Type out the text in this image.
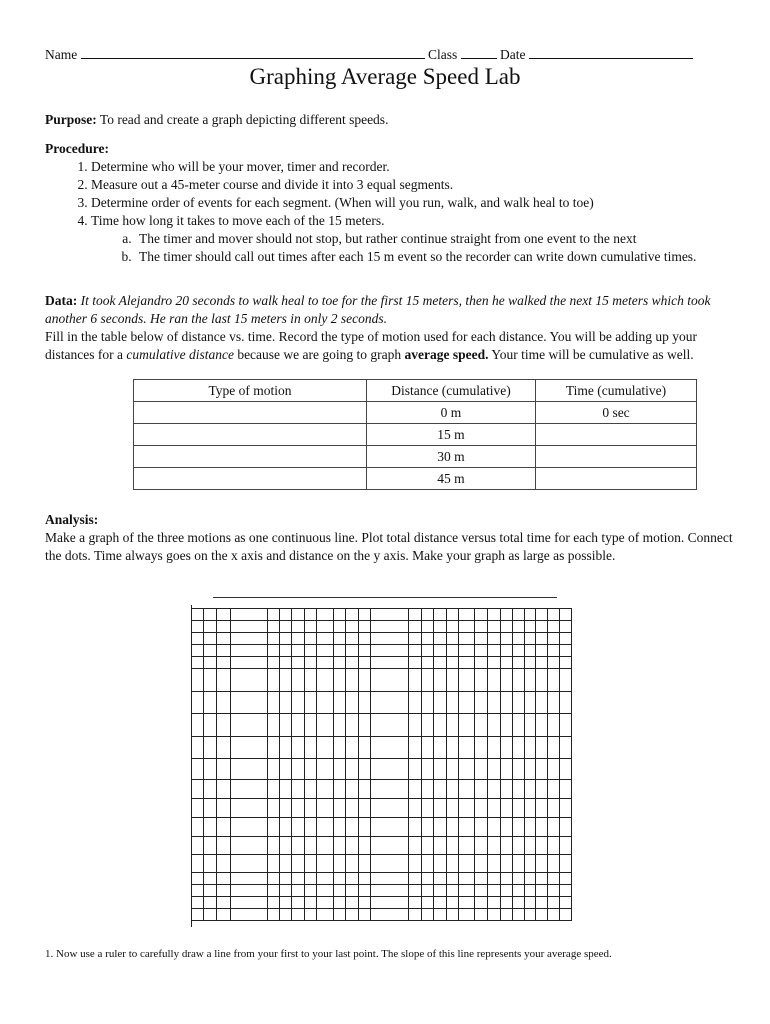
Name	Class	Date
Graphing Average Speed Lab
Purpose: To read and create a graph depicting different speeds.
Procedure:
1. Determine who will be your mover, timer and recorder.
2. Measure out a 45-meter course and divide it into 3 equal segments.
3. Determine order of events for each segment. (When will you run, walk, and walk heal to toe)
4. Time how long it takes to move each of the 15 meters.
a. The timer and mover should not stop, but rather continue straight from one event to the next
b. The timer should call out times after each 15 m event so the recorder can write down cumulative times.
Data: It took Alejandro 20 seconds to walk heal to toe for the first 15 meters, then he walked the next 15 meters which took another 6 seconds. He ran the last 15 meters in only 2 seconds.
Fill in the table below of distance vs. time. Record the type of motion used for each distance. You will be adding up your distances for a cumulative distance because we are going to graph average speed. Your time will be cumulative as well.
Type of motion	Distance (cumulative)	Time (cumulative)
	0 m	0 sec
	15 m	
	30 m	
	45 m	
Analysis:
Make a graph of the three motions as one continuous line. Plot total distance versus total time for each type of motion. Connect the dots. Time always goes on the x axis and distance on the y axis. Make your graph as large as possible.
1. Now use a ruler to carefully draw a line from your first to your last point. The slope of this line represents your average speed.
